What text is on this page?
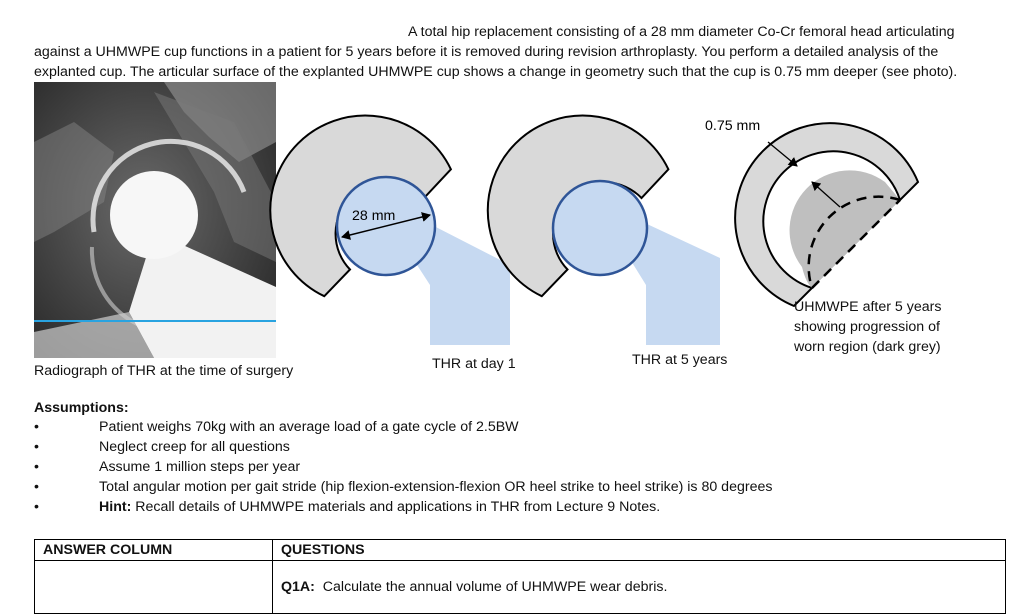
A total hip replacement consisting of a 28 mm diameter Co-Cr femoral head articulating
against a UHMWPE cup functions in a patient for 5 years before it is removed during revision arthroplasty. You perform a detailed analysis of the
explanted cup. The articular surface of the explanted UHMWPE cup shows a change in geometry such that the cup is 0.75 mm deeper (see photo).
28 mm
0.75 mm
Radiograph of THR at the time of surgery	THR at day 1	THR at 5 years
UHMWPE after 5 years
showing progression of
worn region (dark grey)
Assumptions:
•	Patient weighs 70kg with an average load of a gate cycle of 2.5BW
•	Neglect creep for all questions
•	Assume 1 million steps per year
•	Total angular motion per gait stride (hip flexion-extension-flexion OR heel strike to heel strike) is 80 degrees
•	Hint: Recall details of UHMWPE materials and applications in THR from Lecture 9 Notes.
ANSWER COLUMN	QUESTIONS
	Q1A:  Calculate the annual volume of UHMWPE wear debris.
